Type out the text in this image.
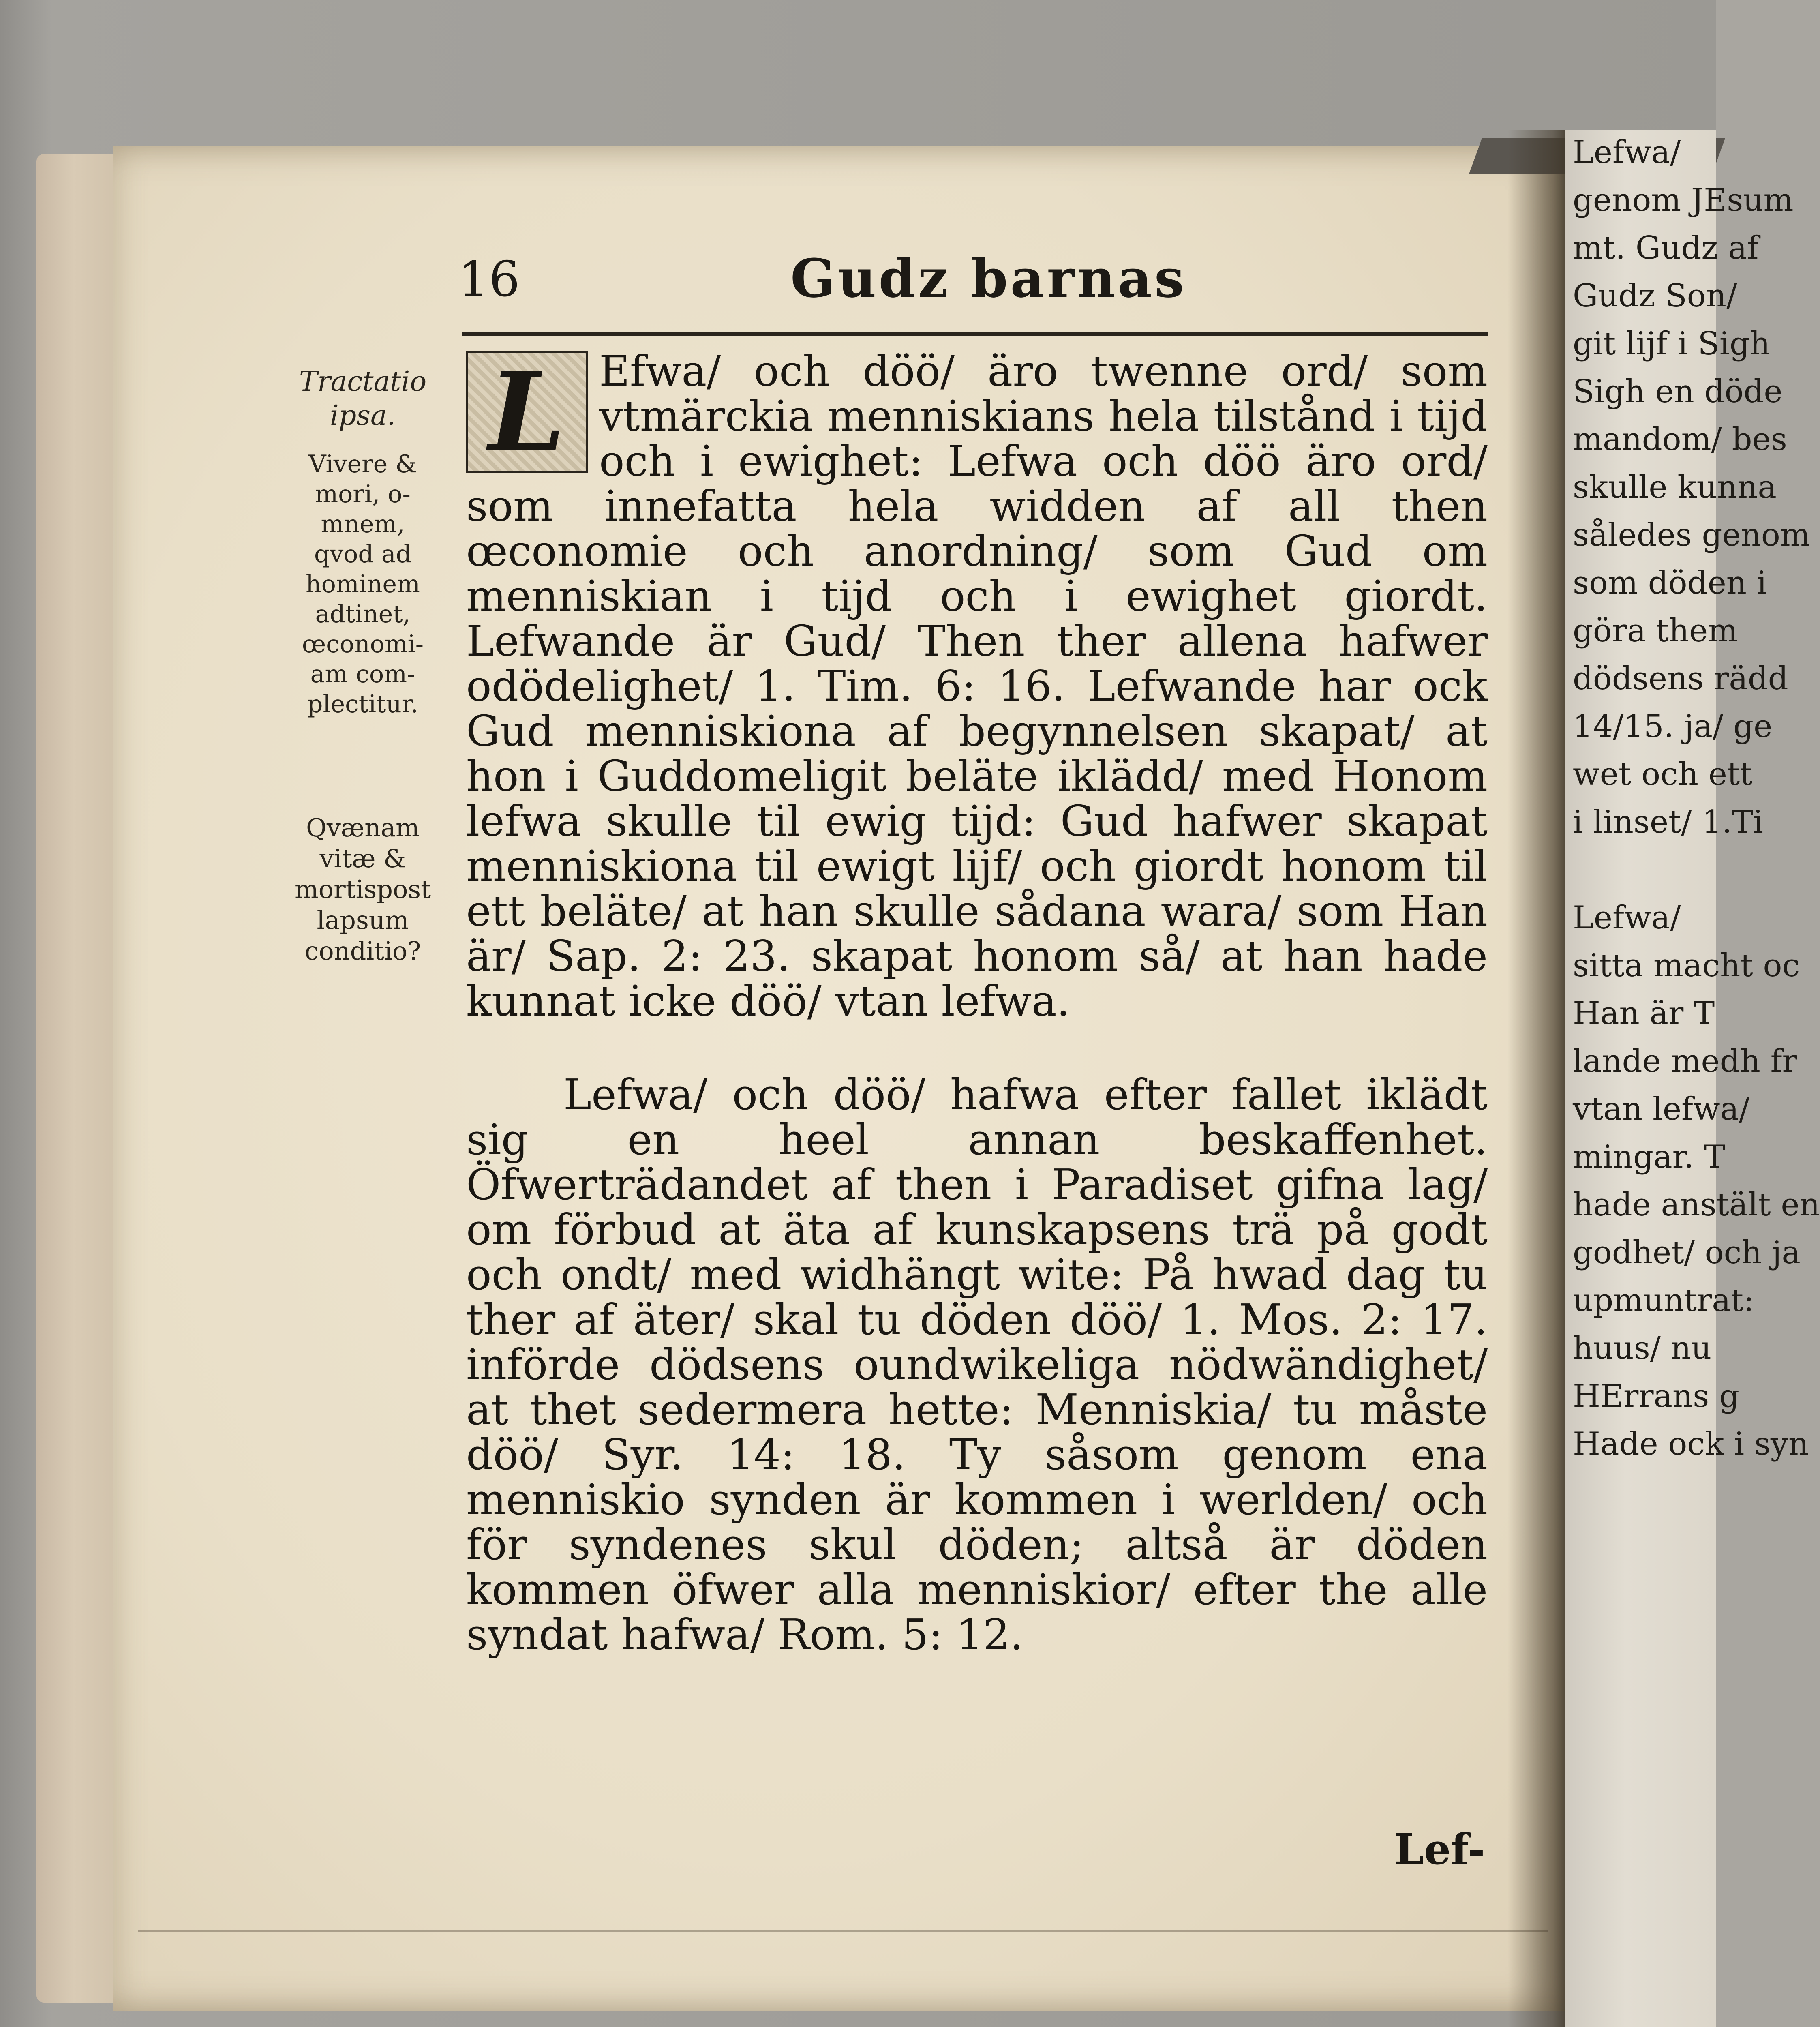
Lefwa/
genom JEsum
mt. Gudz af
Gudz Son/
git lijf i Sigh
Sigh en döde
mandom/ bes
skulle kunna
således genom
som döden i
göra them
dödsens rädd
14/15. ja/ ge
wet och ett
i linset/ 1.Ti
Lefwa/
sitta macht oc
Han är T
lande medh fr
vtan lefwa/
mingar. T
hade anstält en
godhet/ och ja
upmuntrat:
huus/ nu
HErrans g
Hade ock i syn
16	Gudz barnas
Tractatio
ipsa.
Vivere &
mori, o-
mnem,
qvod ad
hominem
adtinet,
œconomi-
am com-
plectitur.
Qvænam
vitæ &
mortispost
lapsum
conditio?
L Efwa/ och döö/ äro twenne ord/ som vtmärckia menniskians hela tilstånd i tijd och i ewighet: Lefwa och döö äro ord/ som innefatta hela widden af all then œconomie och anordning/ som Gud om menniskian i tijd och i ewighet giordt. Lefwande är Gud/ Then ther allena hafwer odödelighet/ 1. Tim. 6: 16. Lefwande har ock Gud menniskiona af begynnelsen skapat/ at hon i Guddomeligit beläte iklädd/ med Honom lefwa skulle til ewig tijd: Gud hafwer skapat menniskiona til ewigt lijf/ och giordt honom til ett beläte/ at han skulle sådana wara/ som Han är/ Sap. 2: 23. skapat honom så/ at han hade kunnat icke döö/ vtan lefwa.

Lefwa/ och döö/ hafwa efter fallet iklädt sig en heel annan beskaffenhet. Öfwerträdandet af then i Paradiset gifna lag/ om förbud at äta af kunskapsens trä på godt och ondt/ med widhängt wite: På hwad dag tu ther af äter/ skal tu döden döö/ 1. Mos. 2: 17. införde dödsens oundwikeliga nödwändighet/ at thet sedermera hette: Menniskia/ tu måste döö/ Syr. 14: 18. Ty såsom genom ena menniskio synden är kommen i werlden/ och för syndenes skul döden; altså är döden kommen öfwer alla menniskior/ efter the alle syndat hafwa/ Rom. 5: 12.

Lef-
